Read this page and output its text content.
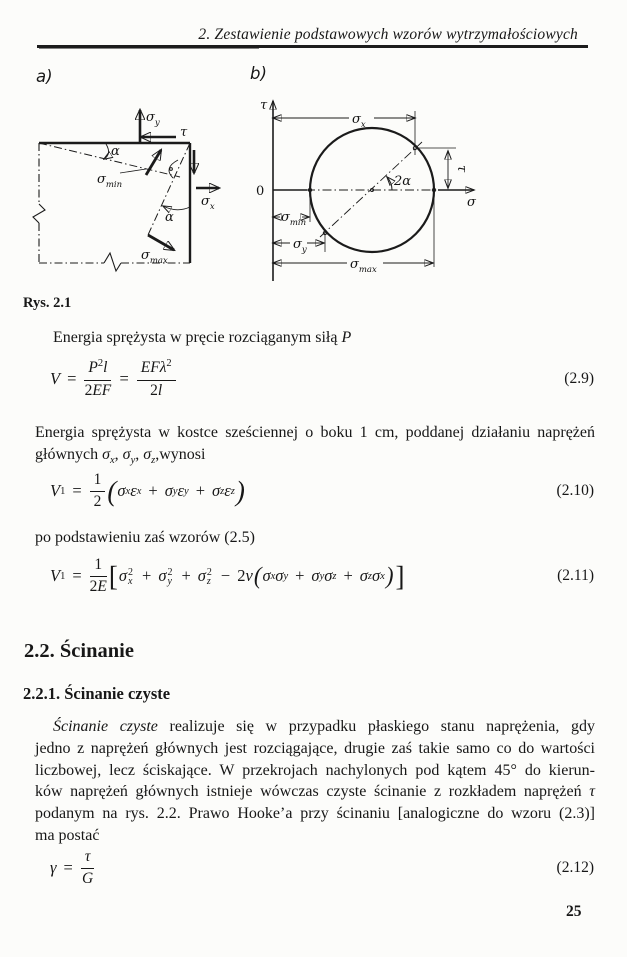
2. Zestawienie podstawowych wzorów wytrzymałościowych
a)	b)
α
α
$\sigma_y$
τ
$\sigma_x$
$\sigma_{min}$
$\sigma_{max}$
τ
σ
0
2α
$\sigma_x$
τ
$\sigma_{min}$
$\sigma_y$
$\sigma_{max}$
Rys. 2.1
Energia sprężysta w pręcie rozciąganym siłą P
$V = \frac{P^2l}{2EF} = \frac{EF\lambda^2}{2l}$	(2.9)
Energia sprężysta w kostce sześciennej o boku 1 cm, poddanej działaniu naprężeń
głównych $\sigma_x$, $\sigma_y$, $\sigma_z,wynosi$
V $1 = \frac{1}{2}$ ( σ x ε x + σ y ε y + σ z ε z )	(2.10)
po podstawieniu zaś wzorów (2.5)
V $1 = \frac{1}{2E}$ [ σ 2
x + σ 2
y + σ 2
z − 2 ν ( σ x σ y + σ y σ z + σ z σ x ) ]	(2.11)
2.2. Ścinanie
2.2.1. Ścinanie czyste
Ścinanie czyste realizuje się w przypadku płaskiego stanu naprężenia, gdy
jedno z naprężeń głównych jest rozciągające, drugie zaś takie samo co do wartości
liczbowej, lecz ściskające. W przekrojach nachylonych pod kątem 45° do kierun-
ków naprężeń głównych istnieje wówczas czyste ścinanie z rozkładem naprężeń τ
podanym na rys. 2.2. Prawo Hooke’a przy ścinaniu [analogiczne do wzoru (2.3)]
ma postać
$\gamma = \frac{\tau}{G}$	(2.12)
25
